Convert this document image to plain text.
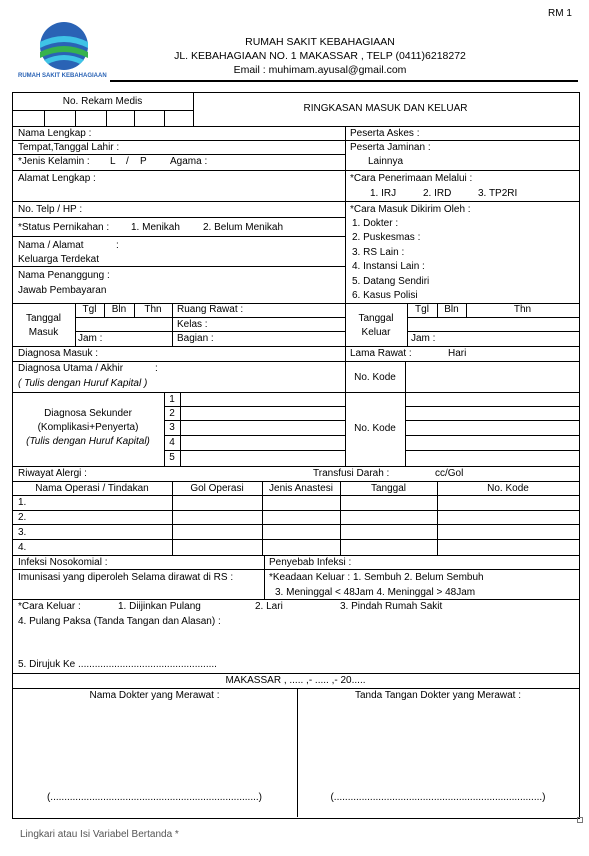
RM 1
RUMAH SAKIT KEBAHAGIAAN
RUMAH SAKIT KEBAHAGIAAN
JL. KEBAHAGIAAN NO. 1 MAKASSAR , TELP (0411)6218272
Email : muhimam.ayusal@gmail.com
No. Rekam Medis
RINGKASAN MASUK DAN KELUAR
Nama Lengkap :	Peserta Askes :
Tempat,Tanggal Lahir :	Peserta Jaminan :
Lainnya
*Jenis Kelamin : L / P Agama :
Alamat Lengkap :	*Cara Penerimaan Melalui :
1. IRJ	2. IRD	3. TP2RI
No. Telp / HP :	*Cara Masuk Dikirim Oleh :
1. Dokter :
2. Puskesmas :
3. RS Lain :
4. Instansi Lain :
5. Datang Sendiri
6. Kasus Polisi
*Status Pernikahan : 1. Menikah 2. Belum Menikah
Nama / Alamat	:
Keluarga Terdekat
Nama Penanggung :
Jawab Pembayaran
Tanggal
Masuk
Tgl	Bln	Thn
Jam :
Ruang Rawat :
Kelas :
Bagian :
Tanggal
Keluar
Tgl	Bln	Thn
Jam :
Diagnosa Masuk :	Lama Rawat :	Hari
Diagnosa Utama / Akhir	:
( Tulis dengan Huruf Kapital )
No. Kode
Diagnosa Sekunder
(Komplikasi+Penyerta)
(Tulis dengan Huruf Kapital)
1
2
3
4
5
No. Kode
Riwayat Alergi :	Transfusi Darah :	cc/Gol
Nama Operasi / Tindakan	Gol Operasi	Jenis Anastesi	Tanggal	No. Kode
1.
2.
3.
4.
Infeksi Nosokomial :	Penyebab Infeksi :
Imunisasi yang diperoleh Selama dirawat di RS :	*Keadaan Keluar : 1. Sembuh 2. Belum Sembuh
3. Meninggal < 48Jam 4. Meninggal > 48Jam
*Cara Keluar :	1. Diijinkan Pulang	2. Lari	3. Pindah Rumah Sakit
4. Pulang Paksa (Tanda Tangan dan Alasan) :
5. Dirujuk Ke ..................................................
MAKASSAR , ..... ,- ..... ,- 20.....
Nama Dokter yang Merawat :	Tanda Tangan Dokter yang Merawat :
(...........................................................................)	(...........................................................................)
Lingkari atau Isi Variabel Bertanda *
